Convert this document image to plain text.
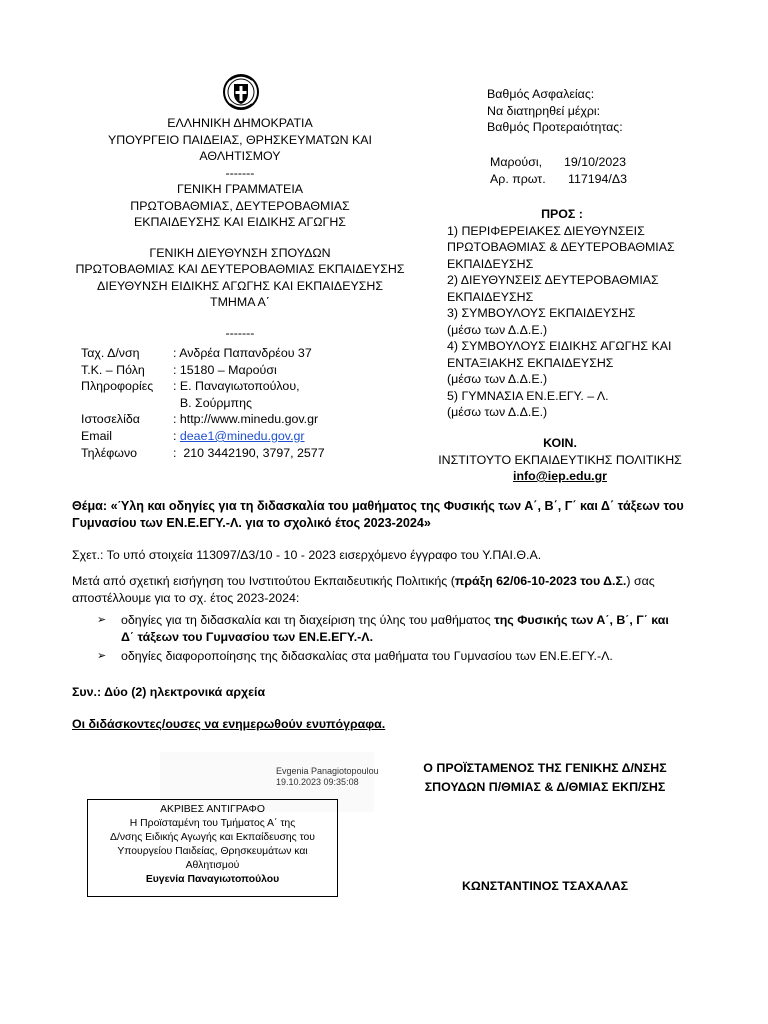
ΕΛΛΗΝΙΚΗ ΔΗΜΟΚΡΑΤΙΑ
ΥΠΟΥΡΓΕΙΟ ΠΑΙΔΕΙΑΣ, ΘΡΗΣΚΕΥΜΑΤΩΝ ΚΑΙ
ΑΘΛΗΤΙΣΜΟΥ
-------
ΓΕΝΙΚΗ ΓΡΑΜΜΑΤΕΙΑ
ΠΡΩΤΟΒΑΘΜΙΑΣ, ΔΕΥΤΕΡΟΒΑΘΜΙΑΣ
ΕΚΠΑΙΔΕΥΣΗΣ ΚΑΙ ΕΙΔΙΚΗΣ ΑΓΩΓΗΣ
ΓΕΝΙΚΗ ΔΙΕΥΘΥΝΣΗ ΣΠΟΥΔΩΝ
ΠΡΩΤΟΒΑΘΜΙΑΣ ΚΑΙ ΔΕΥΤΕΡΟΒΑΘΜΙΑΣ ΕΚΠΑΙΔΕΥΣΗΣ
ΔΙΕΥΘΥΝΣΗ ΕΙΔΙΚΗΣ ΑΓΩΓΗΣ ΚΑΙ ΕΚΠΑΙΔΕΥΣΗΣ
ΤΜΗΜΑ Α΄
-------
Ταχ. Δ/νση	: Ανδρέα Παπανδρέου 37
Τ.Κ. – Πόλη	: 15180 – Μαρούσι
Πληροφορίες	: Ε. Παναγιωτοπούλου,
	Β. Σούρμπης
Ιστοσελίδα	: http://www.minedu.gov.gr
Email	: deae1@minedu.gov.gr
Τηλέφωνο	:  210 3442190, 3797, 2577
Βαθμός Ασφαλείας:
Να διατηρηθεί μέχρι:
Βαθμός Προτεραιότητας:
Μαρούσι,	19/10/2023
Αρ. πρωτ.	117194/Δ3
ΠΡΟΣ :
1) ΠΕΡΙΦΕΡΕΙΑΚΕΣ ΔΙΕΥΘΥΝΣΕΙΣ
ΠΡΩΤΟΒΑΘΜΙΑΣ & ΔΕΥΤΕΡΟΒΑΘΜΙΑΣ
ΕΚΠΑΙΔΕΥΣΗΣ
2) ΔΙΕΥΘΥΝΣΕΙΣ ΔΕΥΤΕΡΟΒΑΘΜΙΑΣ
ΕΚΠΑΙΔΕΥΣΗΣ
3) ΣΥΜΒΟΥΛΟΥΣ ΕΚΠΑΙΔΕΥΣΗΣ
(μέσω των Δ.Δ.Ε.)
4) ΣΥΜΒΟΥΛΟΥΣ ΕΙΔΙΚΗΣ ΑΓΩΓΗΣ ΚΑΙ
ΕΝΤΑΞΙΑΚΗΣ ΕΚΠΑΙΔΕΥΣΗΣ
(μέσω των Δ.Δ.Ε.)
5) ΓΥΜΝΑΣΙΑ ΕΝ.Ε.ΕΓΥ. – Λ.
(μέσω των Δ.Δ.Ε.)
ΚΟΙΝ.
ΙΝΣΤΙΤΟΥΤΟ ΕΚΠΑΙΔΕΥΤΙΚΗΣ ΠΟΛΙΤΙΚΗΣ
info@iep.edu.gr
Θέμα: «Ύλη και οδηγίες για τη διδασκαλία του μαθήματος της Φυσικής των Α΄, Β΄, Γ΄ και Δ΄ τάξεων του
Γυμνασίου των ΕΝ.Ε.ΕΓΥ.-Λ. για το σχολικό έτος 2023-2024»
Σχετ.: Το υπό στοιχεία 113097/Δ3/10 - 10 - 2023 εισερχόμενο έγγραφο του Υ.ΠΑΙ.Θ.Α.
Μετά από σχετική εισήγηση του Ινστιτούτου Εκπαιδευτικής Πολιτικής (πράξη 62/06-10-2023 του Δ.Σ.) σας
αποστέλλουμε για το σχ. έτος 2023-2024:
➢ οδηγίες για τη διδασκαλία και τη διαχείριση της ύλης του μαθήματος της Φυσικής των Α΄, Β΄, Γ΄ και
Δ΄ τάξεων του Γυμνασίου των ΕΝ.Ε.ΕΓΥ.-Λ.
➢ οδηγίες διαφοροποίησης της διδασκαλίας στα μαθήματα του Γυμνασίου των ΕΝ.Ε.ΕΓΥ.-Λ.
Συν.: Δύο (2) ηλεκτρονικά αρχεία
Οι διδάσκοντες/ουσες να ενημερωθούν ενυπόγραφα.
Evgenia Panagiotopoulou
19.10.2023 09:35:08
Ο ΠΡΟΪΣΤΑΜΕΝΟΣ ΤΗΣ ΓΕΝΙΚΗΣ Δ/ΝΣΗΣ
ΣΠΟΥΔΩΝ Π/ΘΜΙΑΣ & Δ/ΘΜΙΑΣ ΕΚΠ/ΣΗΣ
ΚΩΝΣΤΑΝΤΙΝΟΣ ΤΣΑΧΑΛΑΣ
ΑΚΡΙΒΕΣ ΑΝΤΙΓΡΑΦΟ
Η Προϊσταμένη του Τμήματος Α΄ της
Δ/νσης Ειδικής Αγωγής και Εκπαίδευσης του
Υπουργείου Παιδείας, Θρησκευμάτων και
Αθλητισμού
Ευγενία Παναγιωτοπούλου
